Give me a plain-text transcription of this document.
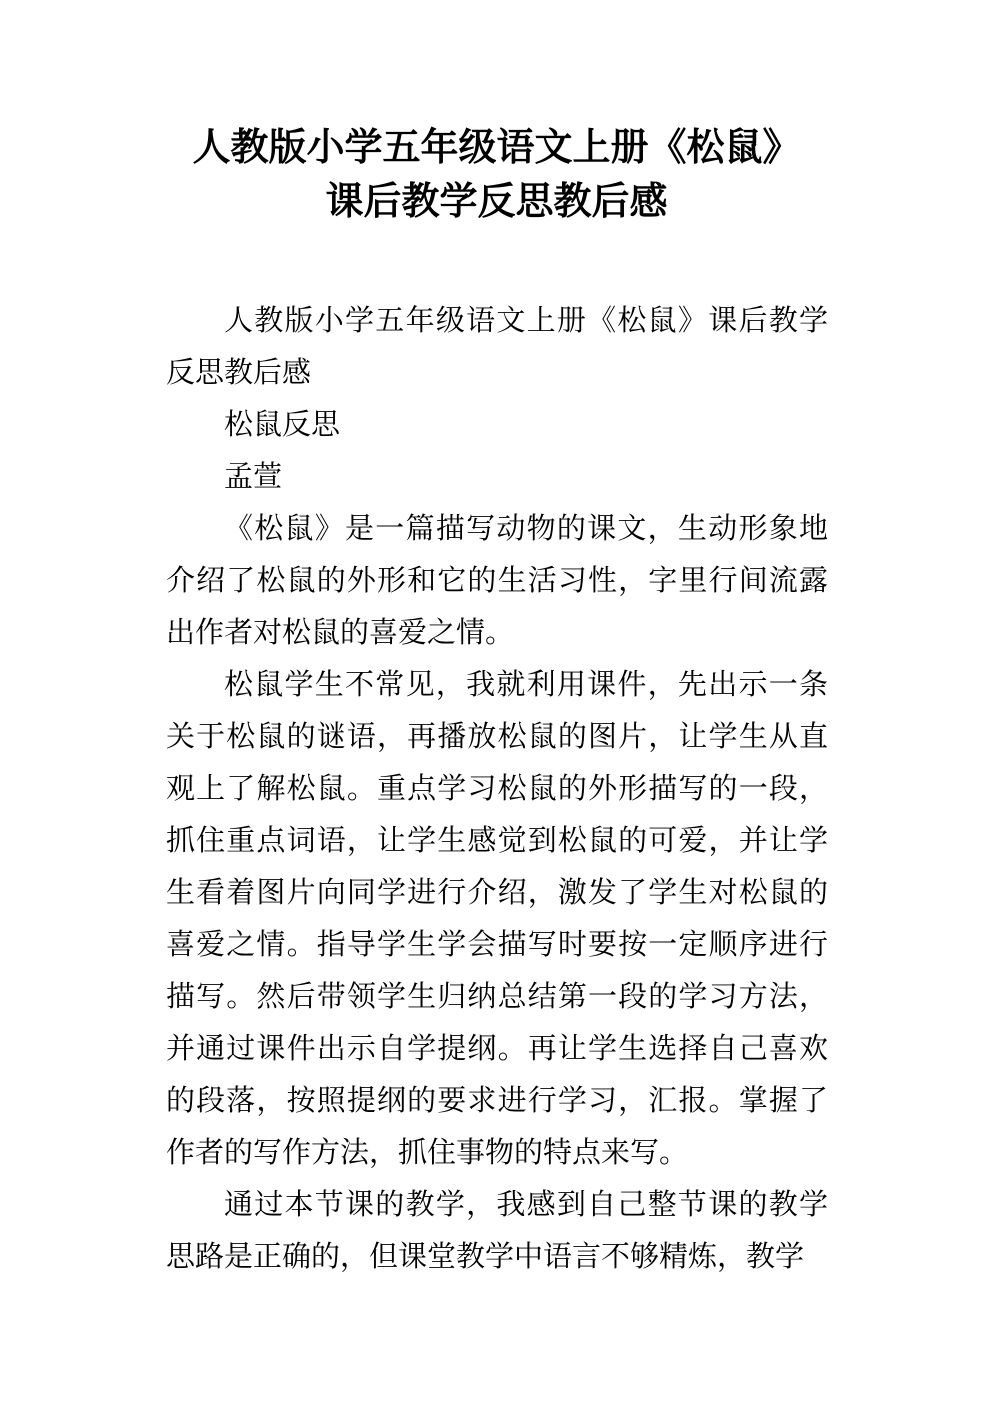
人教版小学五年级语文上册《松鼠》
课后教学反思教后感

人教版小学五年级语文上册《松鼠》课后教学反思教后感

松鼠反思

孟萱

《松鼠》是一篇描写动物的课文，生动形象地介绍了松鼠的外形和它的生活习性，字里行间流露出作者对松鼠的喜爱之情。

松鼠学生不常见，我就利用课件，先出示一条关于松鼠的谜语，再播放松鼠的图片，让学生从直观上了解松鼠。重点学习松鼠的外形描写的一段，抓住重点词语，让学生感觉到松鼠的可爱，并让学生看着图片向同学进行介绍，激发了学生对松鼠的喜爱之情。指导学生学会描写时要按一定顺序进行描写。然后带领学生归纳总结第一段的学习方法，并通过课件出示自学提纲。再让学生选择自己喜欢的段落，按照提纲的要求进行学习，汇报。掌握了作者的写作方法，抓住事物的特点来写。

通过本节课的教学，我感到自己整节课的教学思路是正确的，但课堂教学中语言不够精炼，教学
